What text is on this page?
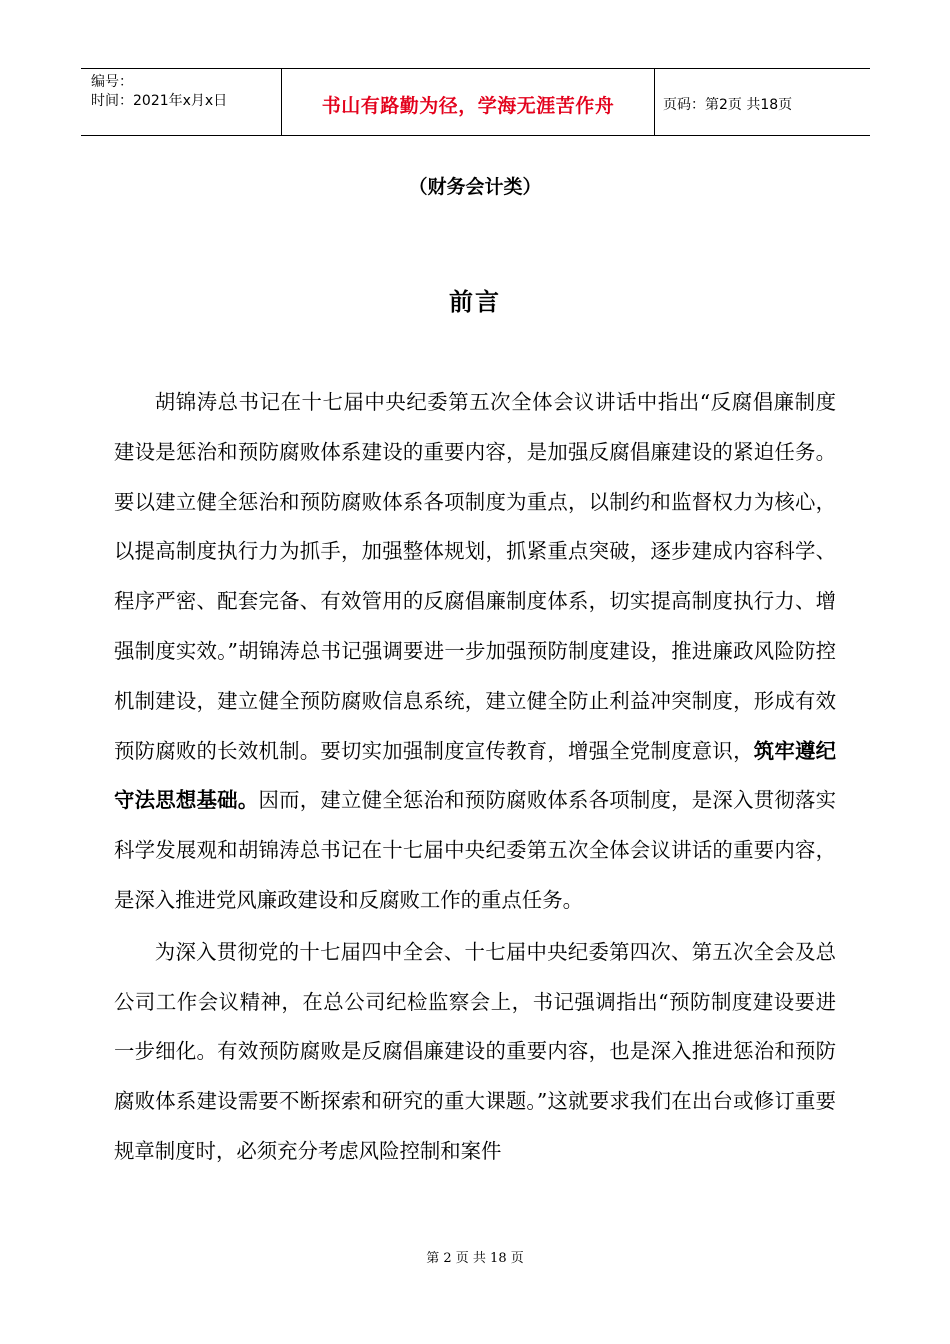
编号：
时间：2021年x月x日	书山有路勤为径，学海无涯苦作舟	页码：第2页 共18页
（财务会计类）
前言

胡锦涛总书记在十七届中央纪委第五次全体会议讲话中指出“反腐倡廉制度建设是惩治和预防腐败体系建设的重要内容，是加强反腐倡廉建设的紧迫任务。要以建立健全惩治和预防腐败体系各项制度为重点，以制约和监督权力为核心，以提高制度执行力为抓手，加强整体规划，抓紧重点突破，逐步建成内容科学、程序严密、配套完备、有效管用的反腐倡廉制度体系，切实提高制度执行力、增强制度实效。”胡锦涛总书记强调要进一步加强预防制度建设，推进廉政风险防控机制建设，建立健全预防腐败信息系统，建立健全防止利益冲突制度，形成有效预防腐败的长效机制。要切实加强制度宣传教育，增强全党制度意识，筑牢遵纪守法思想基础。因而，建立健全惩治和预防腐败体系各项制度，是深入贯彻落实科学发展观和胡锦涛总书记在十七届中央纪委第五次全体会议讲话的重要内容，是深入推进党风廉政建设和反腐败工作的重点任务。

为深入贯彻党的十七届四中全会、十七届中央纪委第四次、第五次全会及总公司工作会议精神，在总公司纪检监察会上，书记强调指出“预防制度建设要进一步细化。有效预防腐败是反腐倡廉建设的重要内容，也是深入推进惩治和预防腐败体系建设需要不断探索和研究的重大课题。”这就要求我们在出台或修订重要规章制度时，必须充分考虑风险控制和案件

第 2 页 共 18 页
